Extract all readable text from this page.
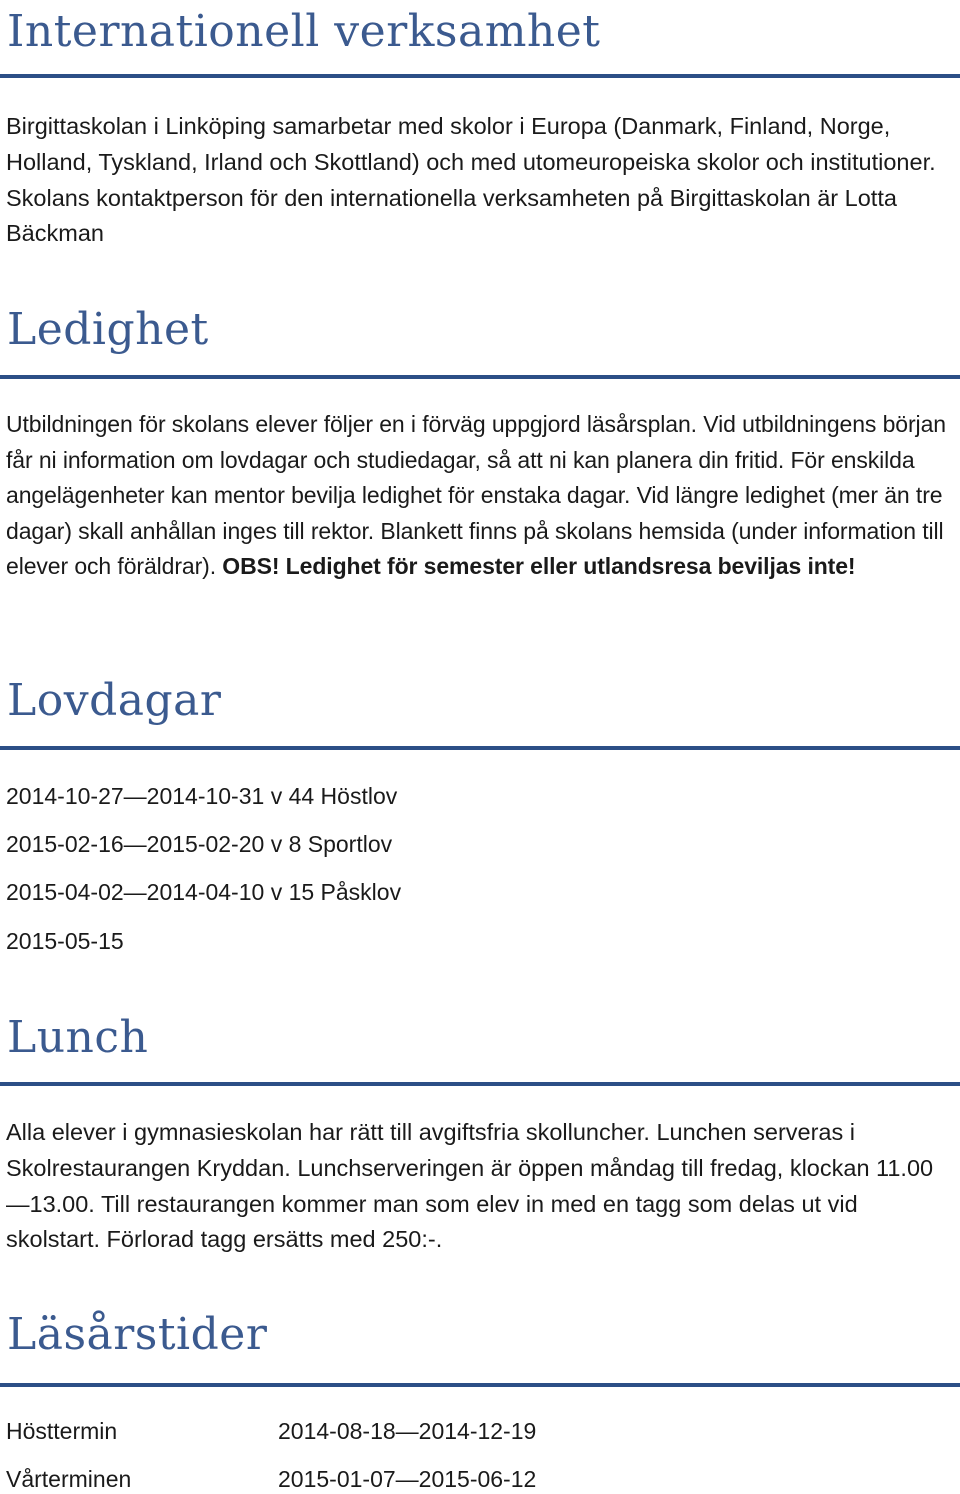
Internationell verksamhet

Birgittaskolan i Linköping samarbetar med skolor i Europa (Danmark, Finland, Norge, Holland, Tyskland, Irland och Skottland) och med utomeuropeiska skolor och institutioner. Skolans kontaktperson för den internationella verksamheten på Birgittaskolan är Lotta Bäckman

Ledighet

Utbildningen för skolans elever följer en i förväg uppgjord läsårsplan. Vid utbildningens början får ni information om lovdagar och studiedagar, så att ni kan planera din fritid. För enskilda angelägenheter kan mentor bevilja ledighet för enstaka dagar. Vid längre ledighet (mer än tre dagar) skall anhållan inges till rektor. Blankett finns på skolans hemsida (under information till elever och föräldrar). OBS! Ledighet för semester eller utlandsresa beviljas inte!

Lovdagar
2014-10-27—2014-10-31 v 44 Höstlov
2015-02-16—2015-02-20 v 8 Sportlov
2015-04-02—2014-04-10 v 15 Påsklov
2015-05-15
Lunch

Alla elever i gymnasieskolan har rätt till avgiftsfria skolluncher. Lunchen serveras i Skolrestaurangen Kryddan. Lunchserveringen är öppen måndag till fredag, klockan 11.00—13.00. Till restaurangen kommer man som elev in med en tagg som delas ut vid skolstart. Förlorad tagg ersätts med 250:-.

Läsårstider
Hösttermin	2014-08-18—2014-12-19
Vårterminen	2015-01-07—2015-06-12
